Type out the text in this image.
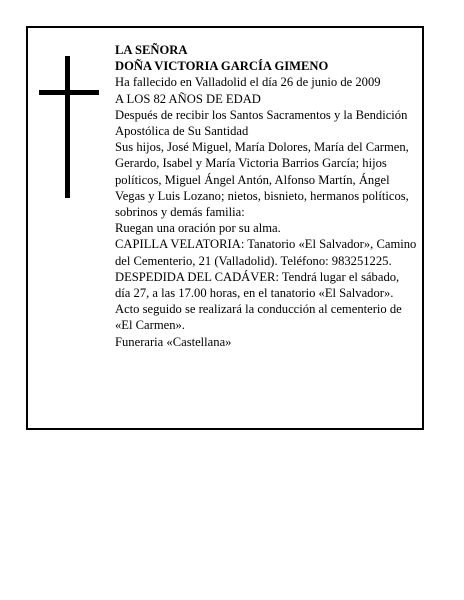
LA SEÑORA

DOÑA VICTORIA GARCÍA GIMENO

Ha fallecido en Valladolid el día 26 de junio de 2009

A LOS 82 AÑOS DE EDAD

Después de recibir los Santos Sacramentos y la Bendición Apostólica de Su Santidad

Sus hijos, José Miguel, María Dolores, María del Carmen, Gerardo, Isabel y María Victoria Barrios García; hijos políticos, Miguel Ángel Antón, Alfonso Martín, Ángel Vegas y Luis Lozano; nietos, bisnieto, hermanos políticos, sobrinos y demás familia:

Ruegan una oración por su alma.

CAPILLA VELATORIA: Tanatorio «El Salvador», Camino del Cementerio, 21 (Valladolid). Teléfono: 983251225.

DESPEDIDA DEL CADÁVER: Tendrá lugar el sábado, día 27, a las 17.00 horas, en el tanatorio «El Salvador». Acto seguido se realizará la conducción al cementerio de «El Carmen».

Funeraria «Castellana»
